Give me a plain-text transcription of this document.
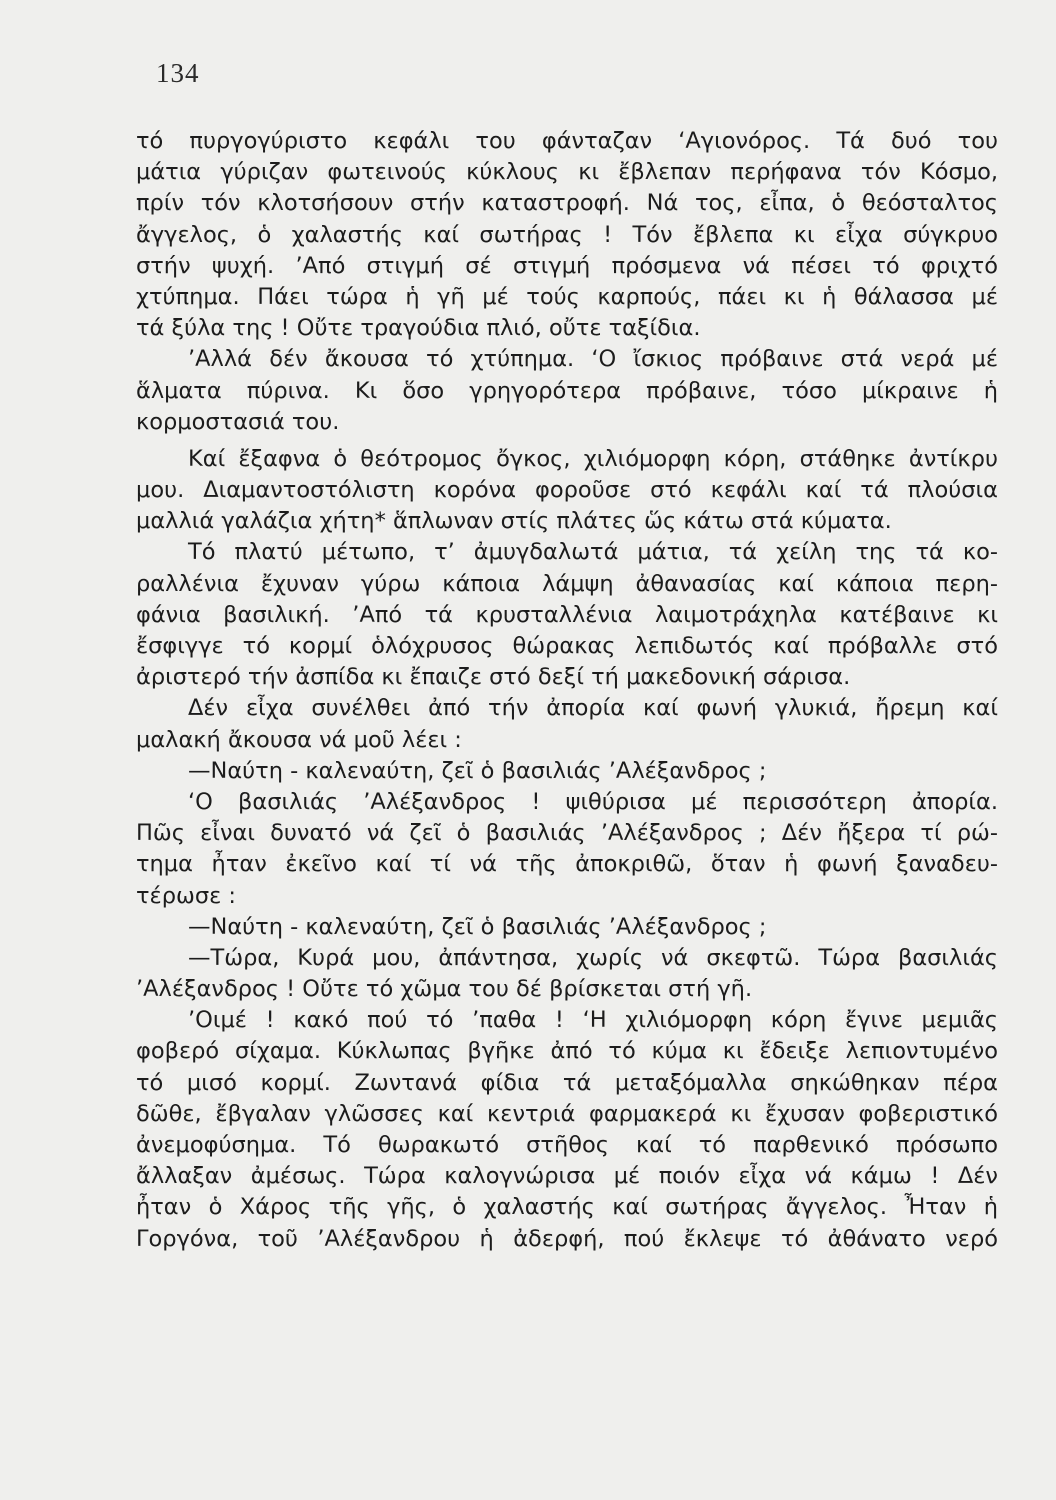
134
τό πυργογύριστο κεφάλι του φάνταζαν ‘Αγιονόρος. Τά δυό του
μάτια γύριζαν φωτεινούς κύκλους κι ἔβλεπαν περήφανα τόν Κόσμο,
πρίν τόν κλοτσήσουν στήν καταστροφή. Νά τος, εἶπα, ὁ θεόσταλτος
ἄγγελος, ὁ χαλαστής καί σωτήρας ! Τόν ἔβλεπα κι εἶχα σύγκρυο
στήν ψυχή. ’Από στιγμή σέ στιγμή πρόσμενα νά πέσει τό φριχτό
χτύπημα. Πάει τώρα ἡ γῆ μέ τούς καρπούς, πάει κι ἡ θάλασσα μέ
τά ξύλα της ! Οὔτε τραγούδια πλιό, οὔτε ταξίδια.
’Αλλά δέν ἄκουσα τό χτύπημα. ‘Ο ἴσκιος πρόβαινε στά νερά μέ
ἅλματα πύρινα. Κι ὅσο γρηγορότερα πρόβαινε, τόσο μίκραινε ἡ
κορμοστασιά του.
Καί ἔξαφνα ὁ θεότρομος ὄγκος, χιλιόμορφη κόρη, στάθηκε ἀντίκρυ
μου. Διαμαντοστόλιστη κορόνα φοροῦσε στό κεφάλι καί τά πλούσια
μαλλιά γαλάζια χήτη* ἅπλωναν στίς πλάτες ὥς κάτω στά κύματα.
Τό πλατύ μέτωπο, τ’ ἀμυγδαλωτά μάτια, τά χείλη της τά κο-
ραλλένια ἔχυναν γύρω κάποια λάμψη ἀθανασίας καί κάποια περη-
φάνια βασιλική. ’Από τά κρυσταλλένια λαιμοτράχηλα κατέβαινε κι
ἔσφιγγε τό κορμί ὁλόχρυσος θώρακας λεπιδωτός καί πρόβαλλε στό
ἀριστερό τήν ἀσπίδα κι ἔπαιζε στό δεξί τή μακεδονική σάρισα.
Δέν εἶχα συνέλθει ἀπό τήν ἀπορία καί φωνή γλυκιά, ἤρεμη καί
μαλακή ἄκουσα νά μοῦ λέει :
—Ναύτη - καλεναύτη, ζεῖ ὁ βασιλιάς ’Αλέξανδρος ;
‘Ο βασιλιάς ’Αλέξανδρος ! ψιθύρισα μέ περισσότερη ἀπορία.
Πῶς εἶναι δυνατό νά ζεῖ ὁ βασιλιάς ’Αλέξανδρος ; Δέν ἤξερα τί ρώ-
τημα ἦταν ἐκεῖνο καί τί νά τῆς ἀποκριθῶ, ὅταν ἡ φωνή ξαναδευ-
τέρωσε :
—Ναύτη - καλεναύτη, ζεῖ ὁ βασιλιάς ’Αλέξανδρος ;
—Τώρα, Κυρά μου, ἀπάντησα, χωρίς νά σκεφτῶ. Τώρα βασιλιάς
’Αλέξανδρος ! Οὔτε τό χῶμα του δέ βρίσκεται στή γῆ.
’Οιμέ ! κακό πού τό ’παθα ! ‘Η χιλιόμορφη κόρη ἔγινε μεμιᾶς
φοβερό σίχαμα. Κύκλωπας βγῆκε ἀπό τό κύμα κι ἔδειξε λεπιοντυμένο
τό μισό κορμί. Ζωντανά φίδια τά μεταξόμαλλα σηκώθηκαν πέρα
δῶθε, ἔβγαλαν γλῶσσες καί κεντριά φαρμακερά κι ἔχυσαν φοβεριστικό
ἀνεμοφύσημα. Τό θωρακωτό στῆθος καί τό παρθενικό πρόσωπο
ἄλλαξαν ἀμέσως. Τώρα καλογνώρισα μέ ποιόν εἶχα νά κάμω ! Δέν
ἦταν ὁ Χάρος τῆς γῆς, ὁ χαλαστής καί σωτήρας ἄγγελος. Ἦταν ἡ
Γοργόνα, τοῦ ’Αλέξανδρου ἡ ἀδερφή, πού ἔκλεψε τό ἀθάνατο νερό
